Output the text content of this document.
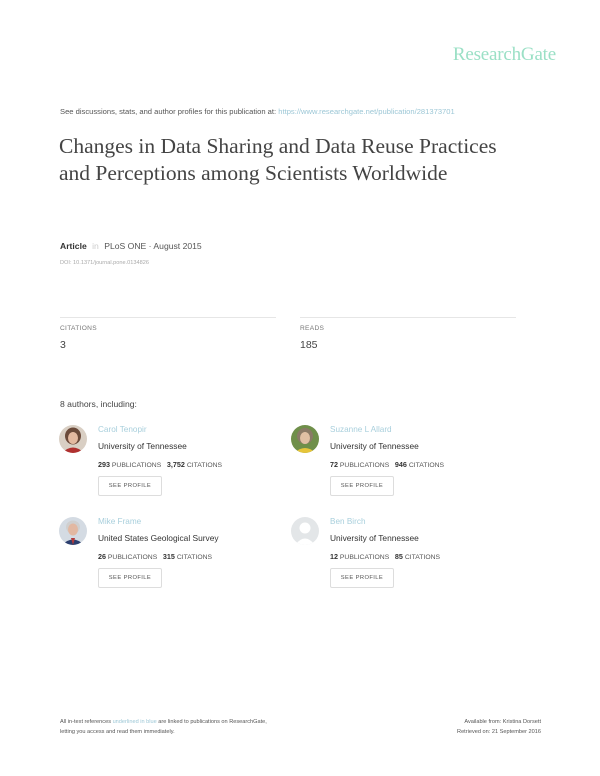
ResearchGate
See discussions, stats, and author profiles for this publication at: https://www.researchgate.net/publication/281373701
Changes in Data Sharing and Data Reuse Practices and Perceptions among Scientists Worldwide
Article in PLoS ONE · August 2015
DOI: 10.1371/journal.pone.0134826
CITATIONS
3
READS
185
8 authors, including:
Carol Tenopir
University of Tennessee
293 PUBLICATIONS 3,752 CITATIONS
SEE PROFILE
Suzanne L Allard
University of Tennessee
72 PUBLICATIONS 946 CITATIONS
SEE PROFILE
Mike Frame
United States Geological Survey
26 PUBLICATIONS 315 CITATIONS
SEE PROFILE
Ben Birch
University of Tennessee
12 PUBLICATIONS 85 CITATIONS
SEE PROFILE
All in-text references underlined in blue are linked to publications on ResearchGate,
letting you access and read them immediately.
Available from: Kristina Dorsett
Retrieved on: 21 September 2016
